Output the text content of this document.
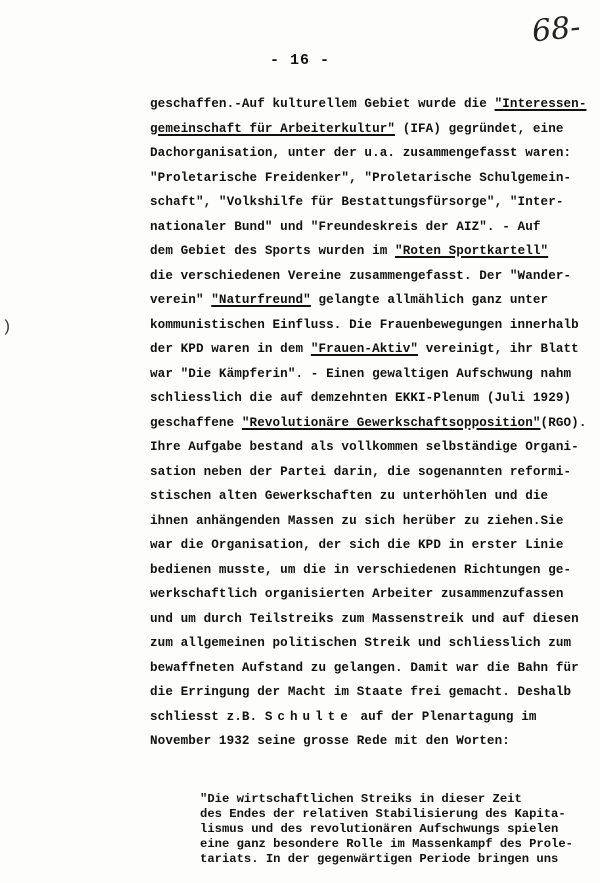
- 16 -
68-
)
geschaffen.-Auf kulturellem Gebiet wurde die "Interessen-
gemeinschaft für Arbeiterkultur" (IFA) gegründet, eine
Dachorganisation, unter der u.a. zusammengefasst waren:
"Proletarische Freidenker", "Proletarische Schulgemein-
schaft", "Volkshilfe für Bestattungsfürsorge", "Inter-
nationaler Bund" und "Freundeskreis der AIZ". - Auf
dem Gebiet des Sports wurden im "Roten Sportkartell"
die verschiedenen Vereine zusammengefasst. Der "Wander-
verein" "Naturfreund" gelangte allmählich ganz unter
kommunistischen Einfluss. Die Frauenbewegungen innerhalb
der KPD waren in dem "Frauen-Aktiv" vereinigt, ihr Blatt
war "Die Kämpferin". - Einen gewaltigen Aufschwung nahm
schliesslich die auf demzehnten EKKI-Plenum (Juli 1929)
geschaffene "Revolutionäre Gewerkschaftsopposition"(RGO).
Ihre Aufgabe bestand als vollkommen selbständige Organi-
sation neben der Partei darin, die sogenannten reformi-
stischen alten Gewerkschaften zu unterhöhlen und die
ihnen anhängenden Massen zu sich herüber zu ziehen.Sie
war die Organisation, der sich die KPD in erster Linie
bedienen musste, um die in verschiedenen Richtungen ge-
werkschaftlich organisierten Arbeiter zusammenzufassen
und um durch Teilstreiks zum Massenstreik und auf diesen
zum allgemeinen politischen Streik und schliesslich zum
bewaffneten Aufstand zu gelangen. Damit war die Bahn für
die Erringung der Macht im Staate frei gemacht. Deshalb
schliesst z.B. Schulte auf der Plenartagung im
November 1932 seine grosse Rede mit den Worten:
"Die wirtschaftlichen Streiks in dieser Zeit
des Endes der relativen Stabilisierung des Kapita-
lismus und des revolutionären Aufschwungs spielen
eine ganz besondere Rolle im Massenkampf des Prole-
tariats. In der gegenwärtigen Periode bringen uns
